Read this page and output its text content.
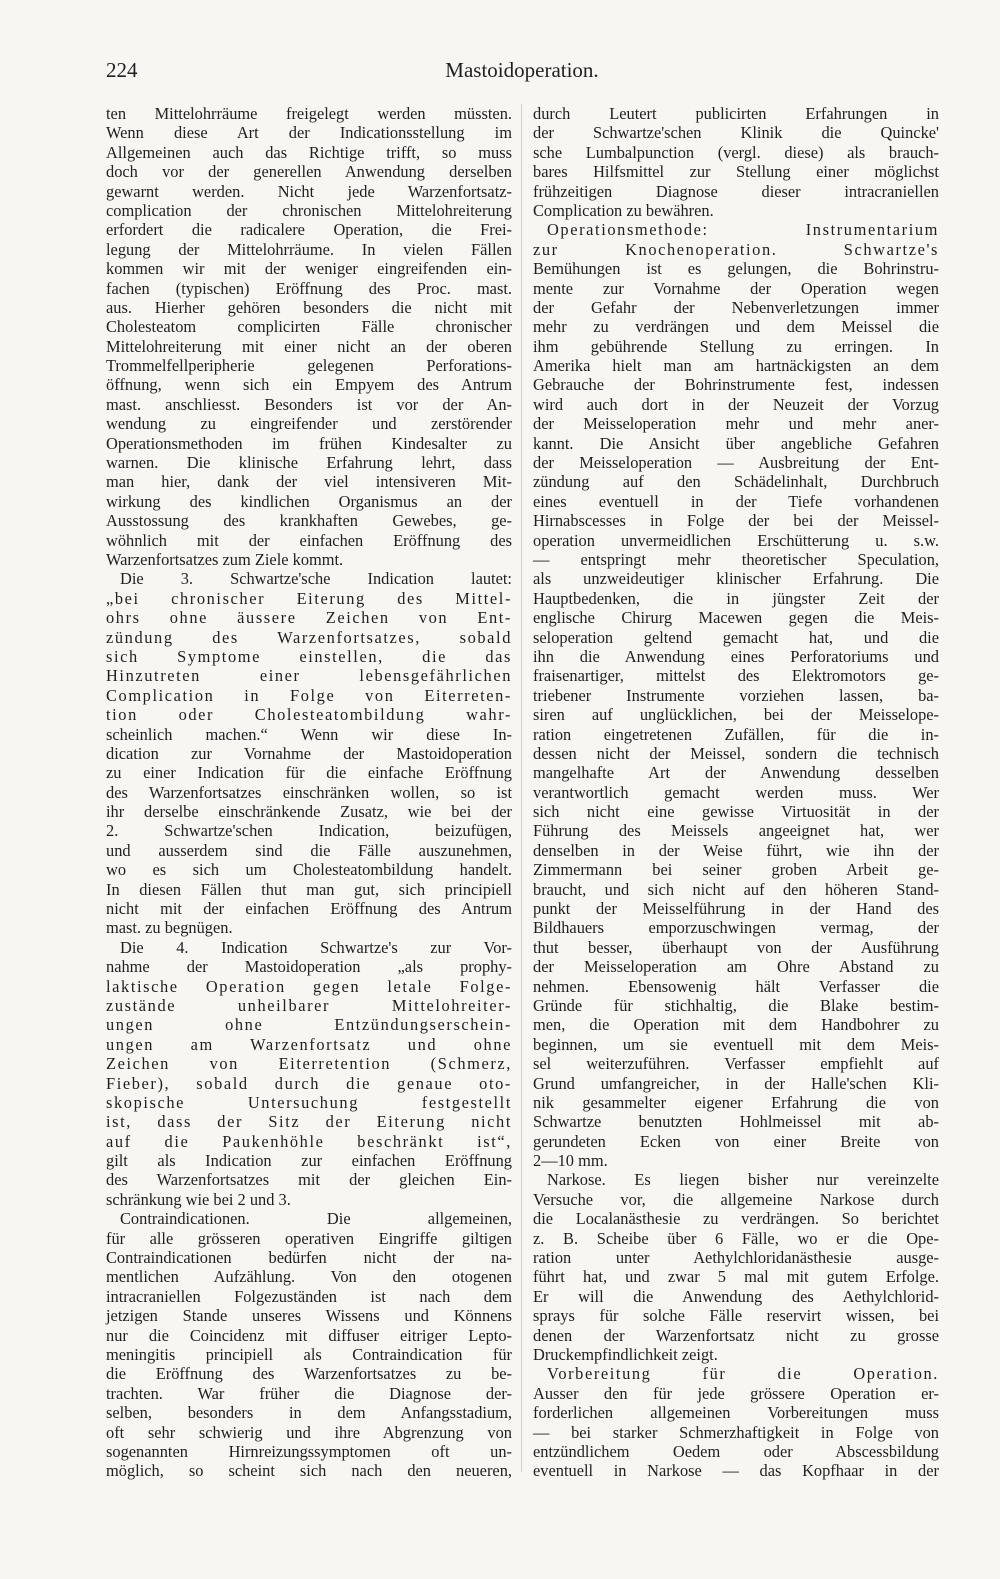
224	Mastoidoperation.
ten Mittelohrräume freigelegt werden müssten.
Wenn diese Art der Indicationsstellung im
Allgemeinen auch das Richtige trifft, so muss
doch vor der generellen Anwendung derselben
gewarnt werden. Nicht jede Warzenfortsatz-
complication der chronischen Mittelohreiterung
erfordert die radicalere Operation, die Frei-
legung der Mittelohrräume. In vielen Fällen
kommen wir mit der weniger eingreifenden ein-
fachen (typischen) Eröffnung des Proc. mast.
aus. Hierher gehören besonders die nicht mit
Cholesteatom complicirten Fälle chronischer
Mittelohreiterung mit einer nicht an der oberen
Trommelfellperipherie gelegenen Perforations-
öffnung, wenn sich ein Empyem des Antrum
mast. anschliesst. Besonders ist vor der An-
wendung zu eingreifender und zerstörender
Operationsmethoden im frühen Kindesalter zu
warnen. Die klinische Erfahrung lehrt, dass
man hier, dank der viel intensiveren Mit-
wirkung des kindlichen Organismus an der
Ausstossung des krankhaften Gewebes, ge-
wöhnlich mit der einfachen Eröffnung des
Warzenfortsatzes zum Ziele kommt.
Die 3. Schwartze'sche Indication lautet:
„bei chronischer Eiterung des Mittel-
ohrs ohne äussere Zeichen von Ent-
zündung des Warzenfortsatzes, sobald
sich Symptome einstellen, die das
Hinzutreten einer lebensgefährlichen
Complication in Folge von Eiterreten-
tion oder Cholesteatombildung wahr-
scheinlich machen.“ Wenn wir diese In-
dication zur Vornahme der Mastoidoperation
zu einer Indication für die einfache Eröffnung
des Warzenfortsatzes einschränken wollen, so ist
ihr derselbe einschränkende Zusatz, wie bei der
2. Schwartze'schen Indication, beizufügen,
und ausserdem sind die Fälle auszunehmen,
wo es sich um Cholesteatombildung handelt.
In diesen Fällen thut man gut, sich principiell
nicht mit der einfachen Eröffnung des Antrum
mast. zu begnügen.
Die 4. Indication Schwartze's zur Vor-
nahme der Mastoidoperation „als prophy-
laktische Operation gegen letale Folge-
zustände unheilbarer Mittelohreiter-
ungen ohne Entzündungserschein-
ungen am Warzenfortsatz und ohne
Zeichen von Eiterretention (Schmerz,
Fieber), sobald durch die genaue oto-
skopische Untersuchung festgestellt
ist, dass der Sitz der Eiterung nicht
auf die Paukenhöhle beschränkt ist“,
gilt als Indication zur einfachen Eröffnung
des Warzenfortsatzes mit der gleichen Ein-
schränkung wie bei 2 und 3.
Contraindicationen. Die allgemeinen,
für alle grösseren operativen Eingriffe giltigen
Contraindicationen bedürfen nicht der na-
mentlichen Aufzählung. Von den otogenen
intracraniellen Folgezuständen ist nach dem
jetzigen Stande unseres Wissens und Könnens
nur die Coincidenz mit diffuser eitriger Lepto-
meningitis principiell als Contraindication für
die Eröffnung des Warzenfortsatzes zu be-
trachten. War früher die Diagnose der-
selben, besonders in dem Anfangsstadium,
oft sehr schwierig und ihre Abgrenzung von
sogenannten Hirnreizungssymptomen oft un-
möglich, so scheint sich nach den neueren,
durch Leutert publicirten Erfahrungen in
der Schwartze'schen Klinik die Quincke'
sche Lumbalpunction (vergl. diese) als brauch-
bares Hilfsmittel zur Stellung einer möglichst
frühzeitigen Diagnose dieser intracraniellen
Complication zu bewähren.
Operationsmethode: Instrumentarium
zur Knochenoperation. Schwartze's
Bemühungen ist es gelungen, die Bohrinstru-
mente zur Vornahme der Operation wegen
der Gefahr der Nebenverletzungen immer
mehr zu verdrängen und dem Meissel die
ihm gebührende Stellung zu erringen. In
Amerika hielt man am hartnäckigsten an dem
Gebrauche der Bohrinstrumente fest, indessen
wird auch dort in der Neuzeit der Vorzug
der Meisseloperation mehr und mehr aner-
kannt. Die Ansicht über angebliche Gefahren
der Meisseloperation — Ausbreitung der Ent-
zündung auf den Schädelinhalt, Durchbruch
eines eventuell in der Tiefe vorhandenen
Hirnabscesses in Folge der bei der Meissel-
operation unvermeidlichen Erschütterung u. s.w.
— entspringt mehr theoretischer Speculation,
als unzweideutiger klinischer Erfahrung. Die
Hauptbedenken, die in jüngster Zeit der
englische Chirurg Macewen gegen die Meis-
seloperation geltend gemacht hat, und die
ihn die Anwendung eines Perforatoriums und
fraisenartiger, mittelst des Elektromotors ge-
triebener Instrumente vorziehen lassen, ba-
siren auf unglücklichen, bei der Meisselope-
ration eingetretenen Zufällen, für die in-
dessen nicht der Meissel, sondern die technisch
mangelhafte Art der Anwendung desselben
verantwortlich gemacht werden muss. Wer
sich nicht eine gewisse Virtuosität in der
Führung des Meissels angeeignet hat, wer
denselben in der Weise führt, wie ihn der
Zimmermann bei seiner groben Arbeit ge-
braucht, und sich nicht auf den höheren Stand-
punkt der Meisselführung in der Hand des
Bildhauers emporzuschwingen vermag, der
thut besser, überhaupt von der Ausführung
der Meisseloperation am Ohre Abstand zu
nehmen. Ebensowenig hält Verfasser die
Gründe für stichhaltig, die Blake bestim-
men, die Operation mit dem Handbohrer zu
beginnen, um sie eventuell mit dem Meis-
sel weiterzuführen. Verfasser empfiehlt auf
Grund umfangreicher, in der Halle'schen Kli-
nik gesammelter eigener Erfahrung die von
Schwartze benutzten Hohlmeissel mit ab-
gerundeten Ecken von einer Breite von
2—10 mm.
Narkose. Es liegen bisher nur vereinzelte
Versuche vor, die allgemeine Narkose durch
die Localanästhesie zu verdrängen. So berichtet
z. B. Scheibe über 6 Fälle, wo er die Ope-
ration unter Aethylchloridanästhesie ausge-
führt hat, und zwar 5 mal mit gutem Erfolge.
Er will die Anwendung des Aethylchlorid-
sprays für solche Fälle reservirt wissen, bei
denen der Warzenfortsatz nicht zu grosse
Druckempfindlichkeit zeigt.
Vorbereitung für die Operation.
Ausser den für jede grössere Operation er-
forderlichen allgemeinen Vorbereitungen muss
— bei starker Schmerzhaftigkeit in Folge von
entzündlichem Oedem oder Abscessbildung
eventuell in Narkose — das Kopfhaar in der
